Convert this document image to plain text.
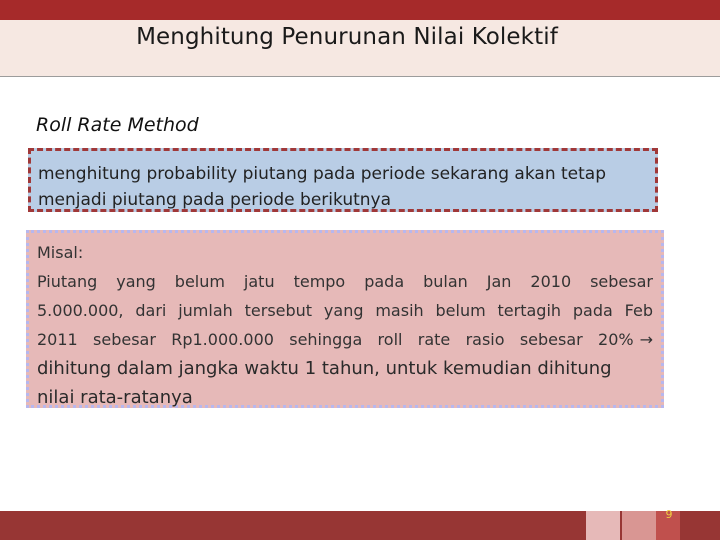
Menghitung Penurunan Nilai Kolektif
Roll Rate Method
menghitung probability piutang pada periode sekarang akan tetap
menjadi piutang pada periode berikutnya
Misal:
Piutang yang belum jatu tempo pada bulan Jan 2010 sebesar
5.000.000, dari jumlah tersebut yang masih belum tertagih pada Feb
2011 sebesar Rp1.000.000 sehingga roll rate rasio sebesar 20% →
dihitung dalam jangka waktu 1 tahun, untuk kemudian dihitung
nilai rata-ratanya
9
